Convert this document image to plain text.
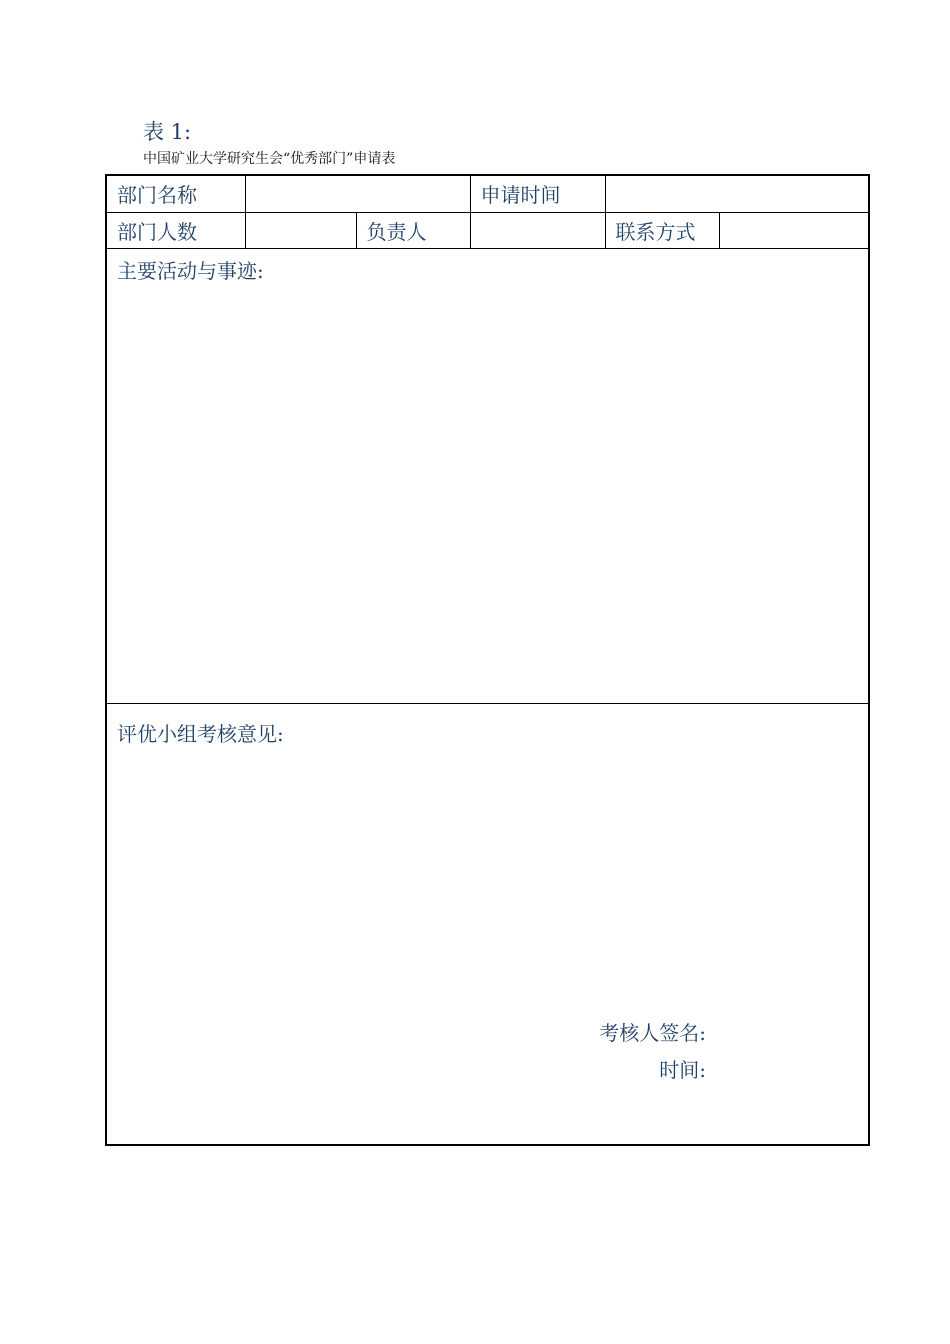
表 1:
中国矿业大学研究生会“优秀部门”申请表
部门名称			申请时间		
部门人数		负责人		联系方式	
主要活动与事迹:					

评优小组考核意见:
考核人签名:
时间:					
